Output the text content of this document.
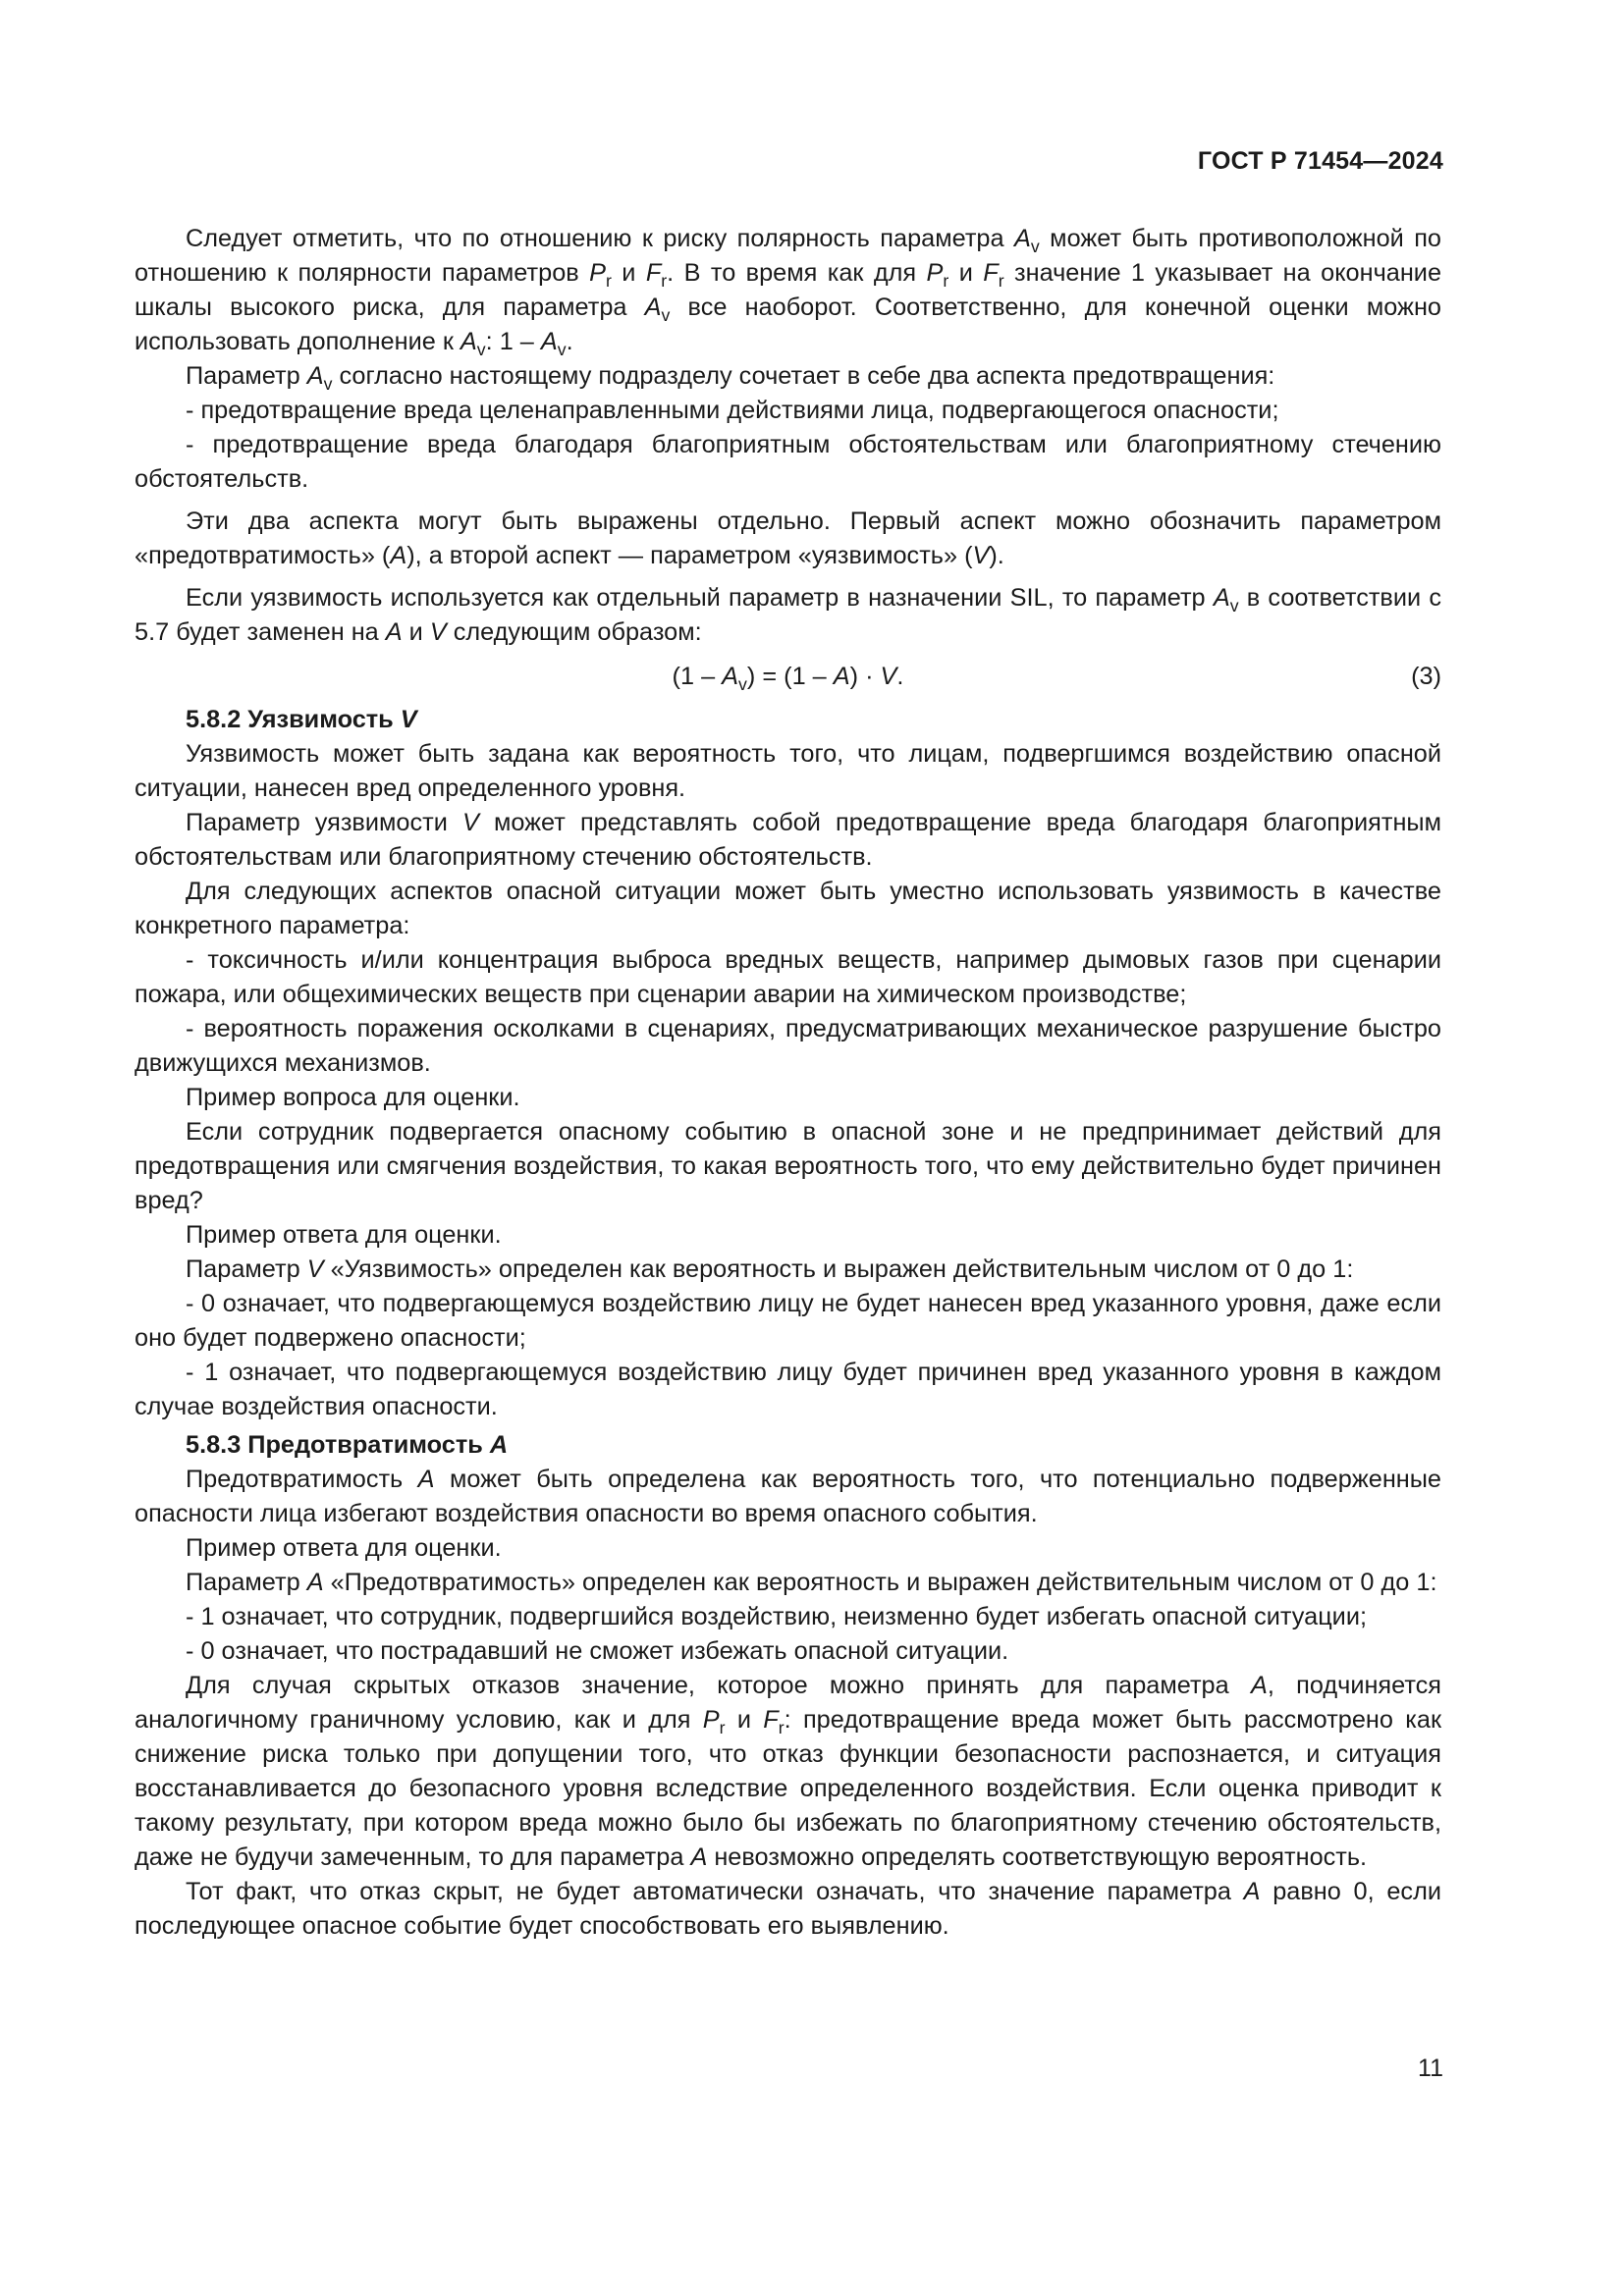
ГОСТ Р 71454—2024

Следует отметить, что по отношению к риску полярность параметра $A_v$ может быть противоположной по отношению к полярности параметров $P_r$ и $F_r$. В то время как для $P_r$ и $F_r$ значение 1 указывает на окончание шкалы высокого риска, для параметра $A_v$ все наоборот. Соответственно, для конечной оценки можно использовать дополнение к $A_v$: $1 - A_v$.

Параметр $A_v$ согласно настоящему подразделу сочетает в себе два аспекта предотвращения:

- предотвращение вреда целенаправленными действиями лица, подвергающегося опасности;

- предотвращение вреда благодаря благоприятным обстоятельствам или благоприятному стечению обстоятельств.

Эти два аспекта могут быть выражены отдельно. Первый аспект можно обозначить параметром «предотвратимость» (A), а второй аспект — параметром «уязвимость» (V).

Если уязвимость используется как отдельный параметр в назначении SIL, то параметр $A_v$ в соответствии с 5.7 будет заменен на A и V следующим образом:

$(1 - A_v) = (1 - A) \cdot V$.	(3)
5.8.2 Уязвимость V

Уязвимость может быть задана как вероятность того, что лицам, подвергшимся воздействию опасной ситуации, нанесен вред определенного уровня.

Параметр уязвимости V может представлять собой предотвращение вреда благодаря благоприятным обстоятельствам или благоприятному стечению обстоятельств.

Для следующих аспектов опасной ситуации может быть уместно использовать уязвимость в качестве конкретного параметра:

- токсичность и/или концентрация выброса вредных веществ, например дымовых газов при сценарии пожара, или общехимических веществ при сценарии аварии на химическом производстве;

- вероятность поражения осколками в сценариях, предусматривающих механическое разрушение быстро движущихся механизмов.

Пример вопроса для оценки.

Если сотрудник подвергается опасному событию в опасной зоне и не предпринимает действий для предотвращения или смягчения воздействия, то какая вероятность того, что ему действительно будет причинен вред?

Пример ответа для оценки.

Параметр V «Уязвимость» определен как вероятность и выражен действительным числом от 0 до 1:

- 0 означает, что подвергающемуся воздействию лицу не будет нанесен вред указанного уровня, даже если оно будет подвержено опасности;

- 1 означает, что подвергающемуся воздействию лицу будет причинен вред указанного уровня в каждом случае воздействия опасности.

5.8.3 Предотвратимость A

Предотвратимость A может быть определена как вероятность того, что потенциально подверженные опасности лица избегают воздействия опасности во время опасного события.

Пример ответа для оценки.

Параметр A «Предотвратимость» определен как вероятность и выражен действительным числом от 0 до 1:

- 1 означает, что сотрудник, подвергшийся воздействию, неизменно будет избегать опасной ситуации;

- 0 означает, что пострадавший не сможет избежать опасной ситуации.

Для случая скрытых отказов значение, которое можно принять для параметра A, подчиняется аналогичному граничному условию, как и для $P_r$ и $F_r$: предотвращение вреда может быть рассмотрено как снижение риска только при допущении того, что отказ функции безопасности распознается, и ситуация восстанавливается до безопасного уровня вследствие определенного воздействия. Если оценка приводит к такому результату, при котором вреда можно было бы избежать по благоприятному стечению обстоятельств, даже не будучи замеченным, то для параметра A невозможно определять соответствующую вероятность.

Тот факт, что отказ скрыт, не будет автоматически означать, что значение параметра A равно 0, если последующее опасное событие будет способствовать его выявлению.

11
